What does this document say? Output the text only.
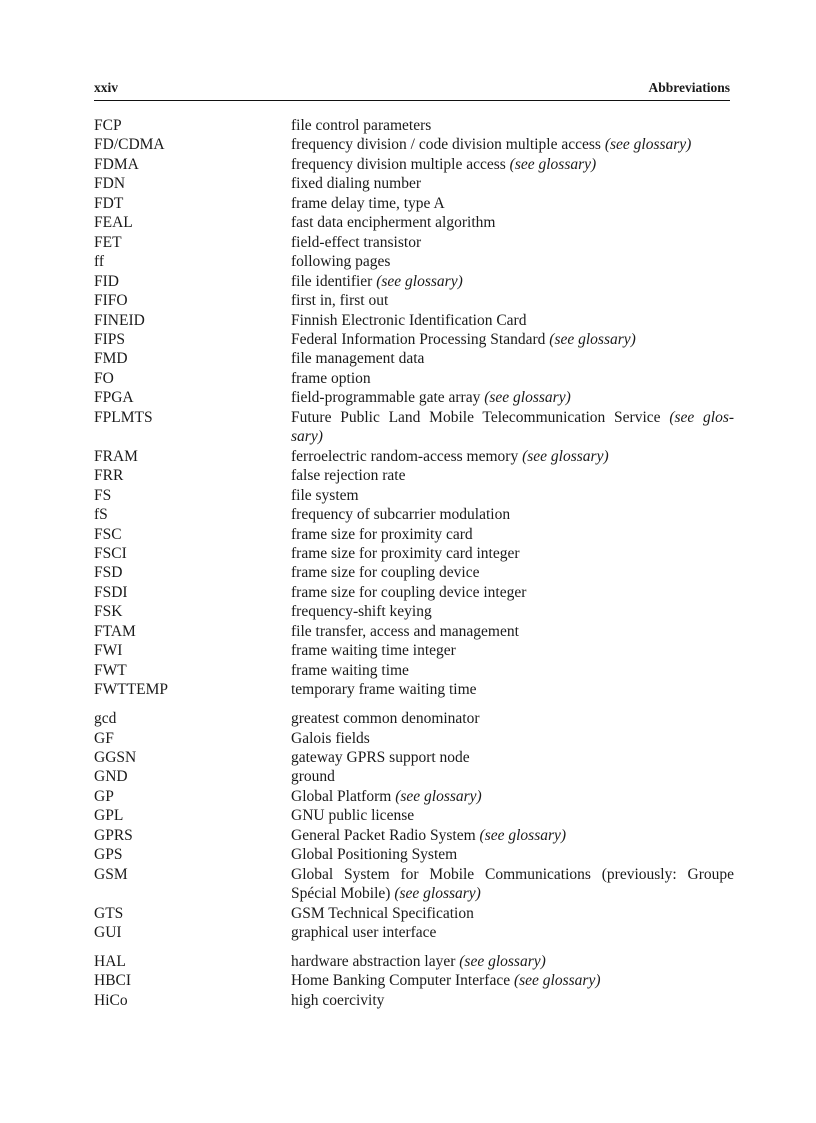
xxiv	Abbreviations
FCP	file control parameters
FD/CDMA	frequency division / code division multiple access (see glossary)
FDMA	frequency division multiple access (see glossary)
FDN	fixed dialing number
FDT	frame delay time, type A
FEAL	fast data encipherment algorithm
FET	field-effect transistor
ff	following pages
FID	file identifier (see glossary)
FIFO	first in, first out
FINEID	Finnish Electronic Identification Card
FIPS	Federal Information Processing Standard (see glossary)
FMD	file management data
FO	frame option
FPGA	field-programmable gate array (see glossary)
FPLMTS	Future Public Land Mobile Telecommunication Service (see glos- sary)
FRAM	ferroelectric random-access memory (see glossary)
FRR	false rejection rate
FS	file system
fS	frequency of subcarrier modulation
FSC	frame size for proximity card
FSCI	frame size for proximity card integer
FSD	frame size for coupling device
FSDI	frame size for coupling device integer
FSK	frequency-shift keying
FTAM	file transfer, access and management
FWI	frame waiting time integer
FWT	frame waiting time
FWTTEMP	temporary frame waiting time
gcd	greatest common denominator
GF	Galois fields
GGSN	gateway GPRS support node
GND	ground
GP	Global Platform (see glossary)
GPL	GNU public license
GPRS	General Packet Radio System (see glossary)
GPS	Global Positioning System
GSM	Global System for Mobile Communications (previously: Groupe Spécial Mobile) (see glossary)
GTS	GSM Technical Specification
GUI	graphical user interface
HAL	hardware abstraction layer (see glossary)
HBCI	Home Banking Computer Interface (see glossary)
HiCo	high coercivity
